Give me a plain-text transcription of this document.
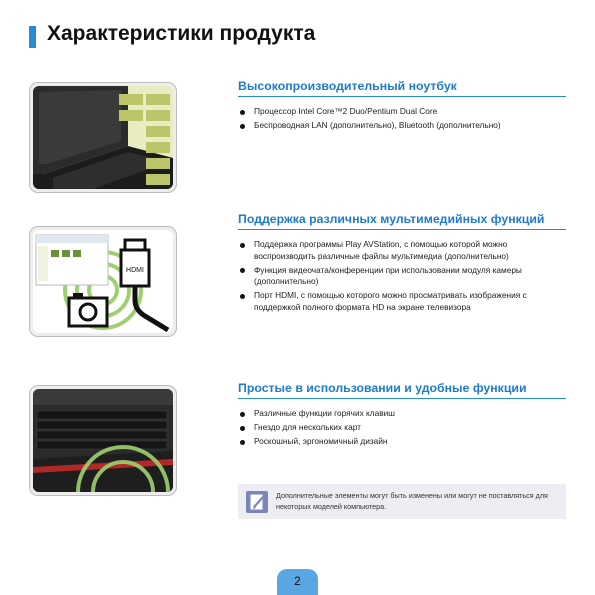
Характеристики продукта
HDMI
Высокопроизводительный ноутбук
Процессор Intel Core™2 Duo/Pentium Dual Core
Беспроводная LAN (дополнительно), Bluetooth (дополнительно)
Поддержка различных мультимедийных функций
Поддержка программы Play AVStation, с помощью которой можно воспроизводить различные файлы мультимедиа (дополнительно)
Функция видеочата/конференции при использовании модуля камеры (дополнительно)
Порт HDMI, с помощью которого можно просматривать изображения с поддержкой полного формата HD на экране телевизора
Простые в использовании и удобные функции
Различные функции горячих клавиш
Гнездо для нескольких карт
Роскошный, эргономичный дизайн
Дополнительные элементы могут быть изменены или могут не поставляться для некоторых моделей компьютера.
2
